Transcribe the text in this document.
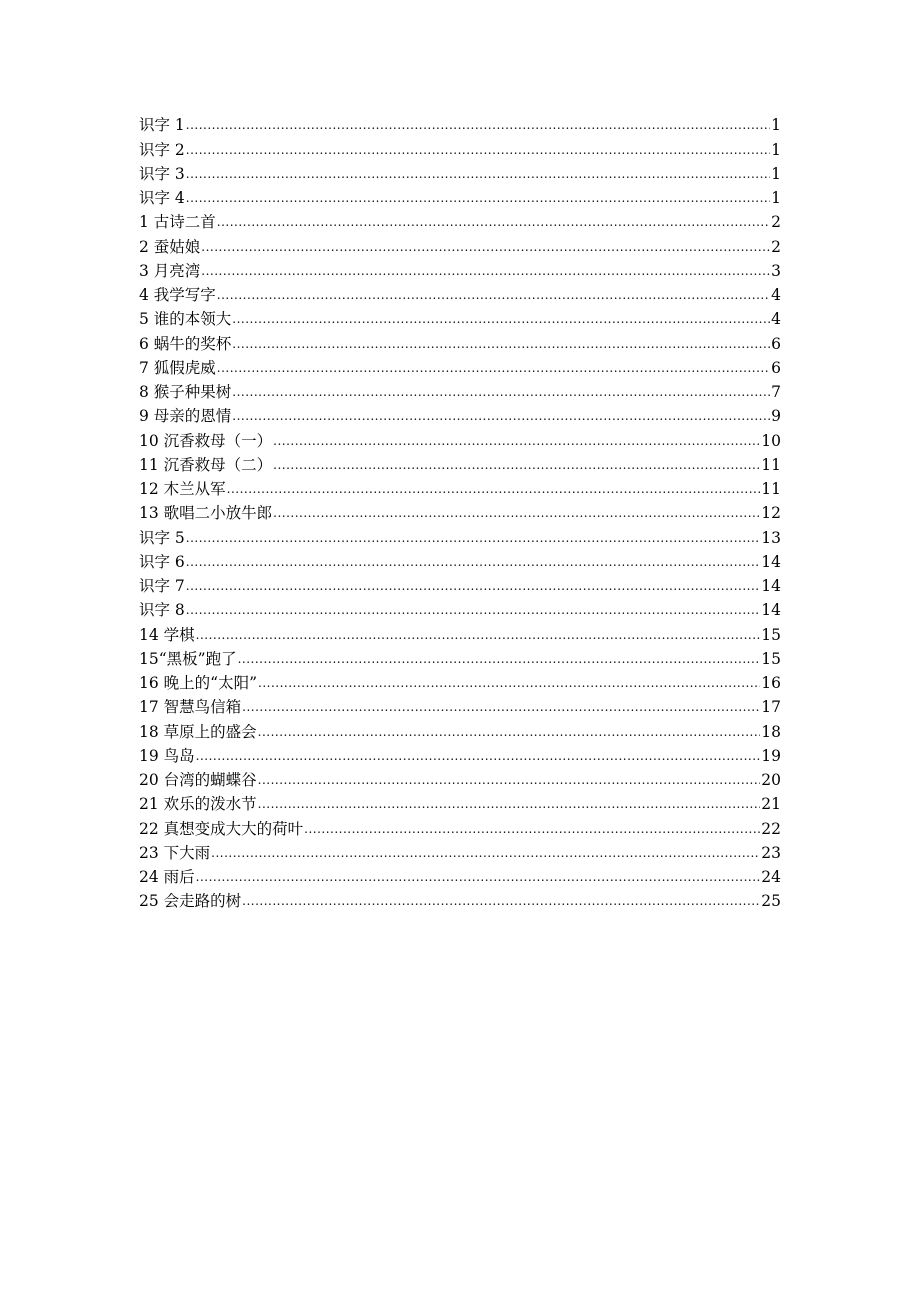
识字 1 .....	1
识字 2 .....	1
识字 3 .....	1
识字 4 .....	1
1 古诗二首 .....	2
2 蚕姑娘 .....	2
3 月亮湾 .....	3
4 我学写字 .....	4
5 谁的本领大 .....	4
6 蜗牛的奖杯 .....	6
7 狐假虎威 .....	6
8 猴子种果树 .....	7
9 母亲的恩情 .....	9
10 沉香救母（一） .....	10
11 沉香救母（二） .....	11
12 木兰从军 .....	11
13 歌唱二小放牛郎 .....	12
识字 5 .....	13
识字 6 .....	14
识字 7 .....	14
识字 8 .....	14
14 学棋 .....	15
15“黑板”跑了 .....	15
16 晚上的“太阳” .....	16
17 智慧鸟信箱 .....	17
18 草原上的盛会 .....	18
19 鸟岛 .....	19
20 台湾的蝴蝶谷 .....	20
21 欢乐的泼水节 .....	21
22 真想变成大大的荷叶 .....	22
23 下大雨 .....	23
24 雨后 .....	24
25 会走路的树 .....	25
